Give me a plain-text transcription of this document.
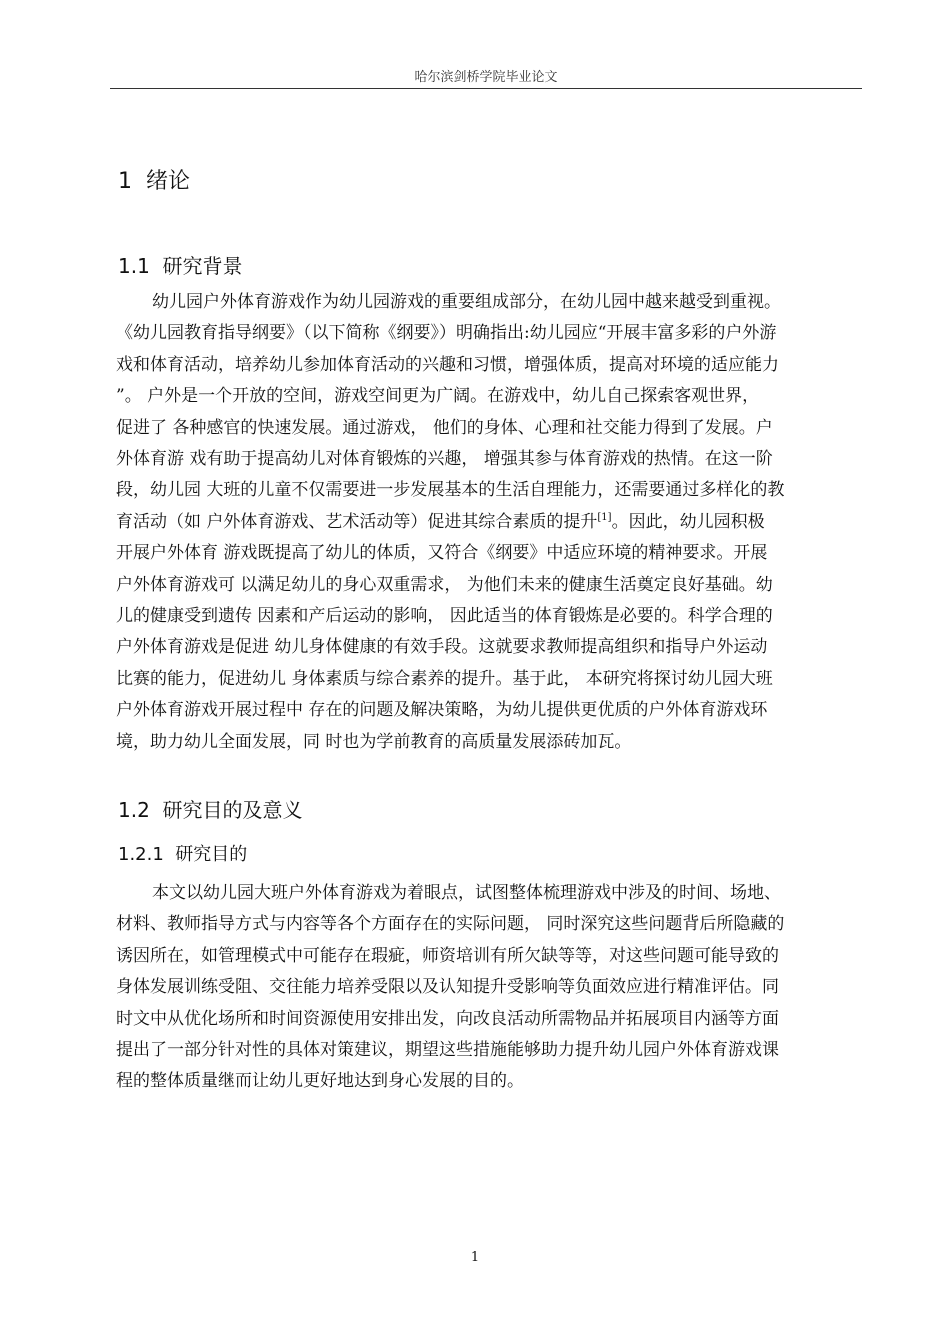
哈尔滨剑桥学院毕业论文
1 绪论
1.1 研究背景
幼儿园户外体育游戏作为幼儿园游戏的重要组成部分，在幼儿园中越来越受到重视。
《幼儿园教育指导纲要》（以下简称《纲要》）明确指出:幼儿园应“开展丰富多彩的户外游
戏和体育活动，培养幼儿参加体育活动的兴趣和习惯，增强体质，提高对环境的适应能力
”。 户外是一个开放的空间，游戏空间更为广阔。在游戏中，幼儿自己探索客观世界，
促进了 各种感官的快速发展。通过游戏， 他们的身体、心理和社交能力得到了发展。户
外体育游 戏有助于提高幼儿对体育锻炼的兴趣， 增强其参与体育游戏的热情。在这一阶
段，幼儿园 大班的儿童不仅需要进一步发展基本的生活自理能力，还需要通过多样化的教
育活动（如 户外体育游戏、艺术活动等）促进其综合素质的提升[1]。因此，幼儿园积极
开展户外体育 游戏既提高了幼儿的体质，又符合《纲要》中适应环境的精神要求。开展
户外体育游戏可 以满足幼儿的身心双重需求， 为他们未来的健康生活奠定良好基础。幼
儿的健康受到遗传 因素和产后运动的影响， 因此适当的体育锻炼是必要的。科学合理的
户外体育游戏是促进 幼儿身体健康的有效手段。这就要求教师提高组织和指导户外运动
比赛的能力，促进幼儿 身体素质与综合素养的提升。基于此， 本研究将探讨幼儿园大班
户外体育游戏开展过程中 存在的问题及解决策略，为幼儿提供更优质的户外体育游戏环
境，助力幼儿全面发展，同 时也为学前教育的高质量发展添砖加瓦。
1.2 研究目的及意义
1.2.1 研究目的
本文以幼儿园大班户外体育游戏为着眼点，试图整体梳理游戏中涉及的时间、场地、
材料、教师指导方式与内容等各个方面存在的实际问题， 同时深究这些问题背后所隐藏的
诱因所在，如管理模式中可能存在瑕疵，师资培训有所欠缺等等，对这些问题可能导致的
身体发展训练受阻、交往能力培养受限以及认知提升受影响等负面效应进行精准评估。同
时文中从优化场所和时间资源使用安排出发，向改良活动所需物品并拓展项目内涵等方面
提出了一部分针对性的具体对策建议，期望这些措施能够助力提升幼儿园户外体育游戏课
程的整体质量继而让幼儿更好地达到身心发展的目的。
1
